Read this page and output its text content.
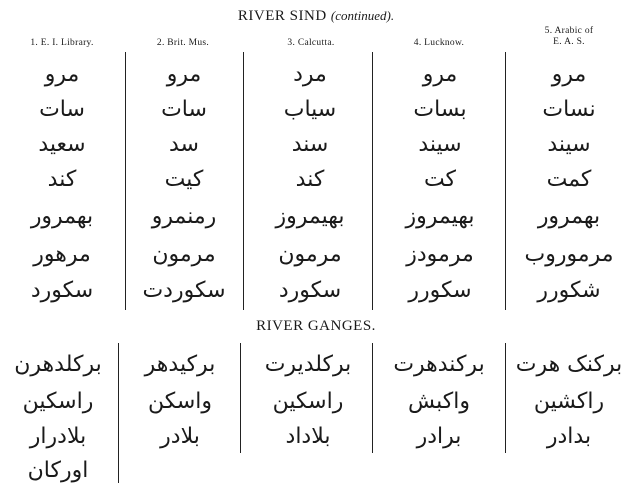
RIVER SIND (continued).
1. E. I. Library.	2. Brit. Mus.	3. Calcutta.	4. Lucknow.
5. Arabic of
E. A. S.
مرو	مرو	مرد	مرو	مرو
سات	سات	سیاب	بسات	نسات
سعید	سد	سند	سیند	سیند
کند	کیت	کند	کت	کمت
بهمرور	رمنمرو	بهیمروز	بهیمروز	بهمرور
مرهور	مرمون	مرمون	مرمودز	مرموروب
سکورد	سکوردت	سکورد	سکورر	شکورر
RIVER GANGES.
برکلدهرن	برکیدهر	برکلدیرت	برکندهرت	برکنک هرت
راسکین	واسکن	راسکین	واکبش	راکشین
بلادرار	بلادر	بلاداد	برادر	بدادر
اورکان
